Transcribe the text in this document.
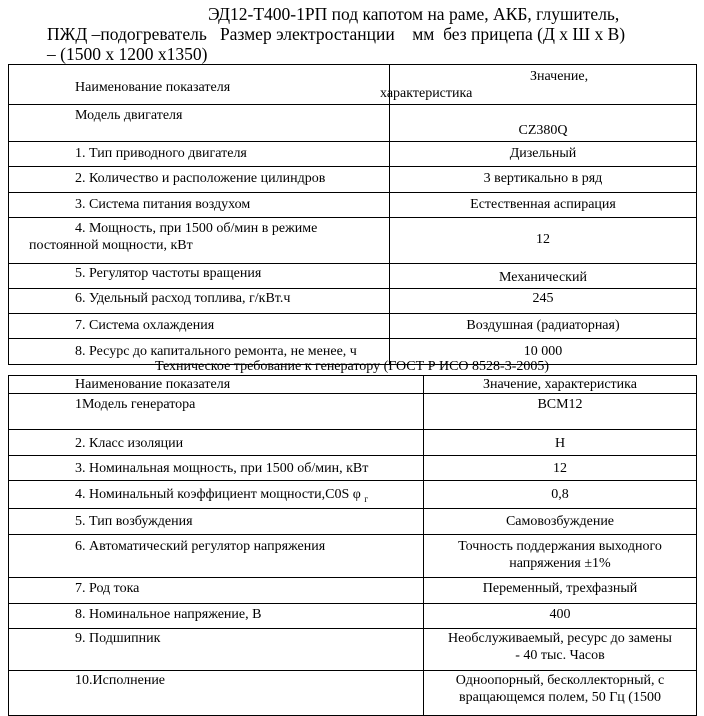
ЭД12-Т400-1РП под капотом на раме, АКБ, глушитель,
ПЖД –подогреватель   Размер электростанции    мм  без прицепа (Д х Ш х В)
– (1500 х 1200 х1350)
Наименование показателя	Значение,
характеристика

Модель двигателя	CZ380Q
1. Тип приводного двигателя	Дизельный
2. Количество и расположение цилиндров	3 вертикально в ряд
3. Система питания воздухом	Естественная аспирация

4. Мощность, при 1500 об/мин в режиме
постоянной мощности, кВт	12
5. Регулятор частоты вращения	Механический
6. Удельный расход топлива, г/кВт.ч	245
7. Система охлаждения	Воздушная (радиаторная)
8. Ресурс до капитального ремонта, не менее, ч	10 000
Техническое требование к генератору (ГОСТ Р ИСО 8528-3-2005)
Наименование показателя	Значение, характеристика
1Модель генератора	BCM12
2. Класс изоляции	H
3. Номинальная мощность, при 1500 об/мин, кВт	12
4. Номинальный коэффициент мощности,C0S φ $_г$	0,8
5. Тип возбуждения	Самовозбуждение
6. Автоматический регулятор напряжения	Точность поддержания выходного
напряжения ±1%

7. Род тока	Переменный, трехфазный
8. Номинальное напряжение, В	400
9. Подшипник	Необслуживаемый, ресурс до замены
- 40 тыс. Часов

10.Исполнение	Одноопорный, бесколлекторный, с
вращающемся полем, 50 Гц (1500
